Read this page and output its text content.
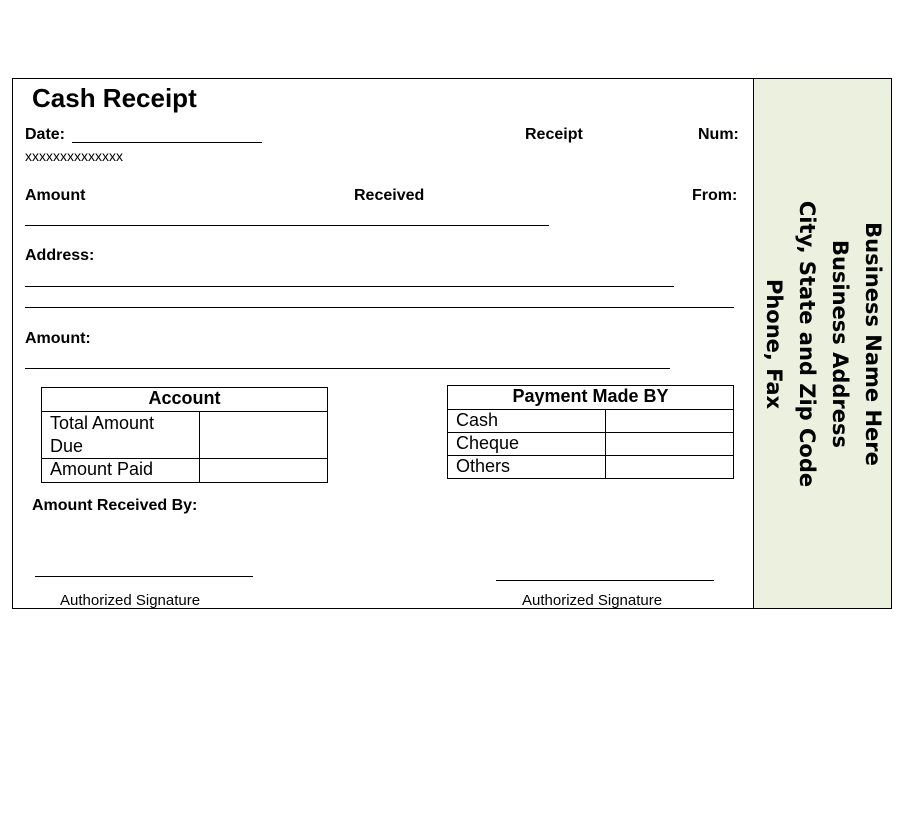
Cash Receipt
Date:
xxxxxxxxxxxxxx
Receipt	Num:
Amount	Received	From:
Address:
Amount:
Account	
Total Amount Due	
Amount Paid	
Payment Made BY	
Cash	
Cheque	
Others	
Amount Received By:
Authorized Signature	Authorized Signature
Business Name Here
Business Address
City, State and Zip Code
Phone, Fax
